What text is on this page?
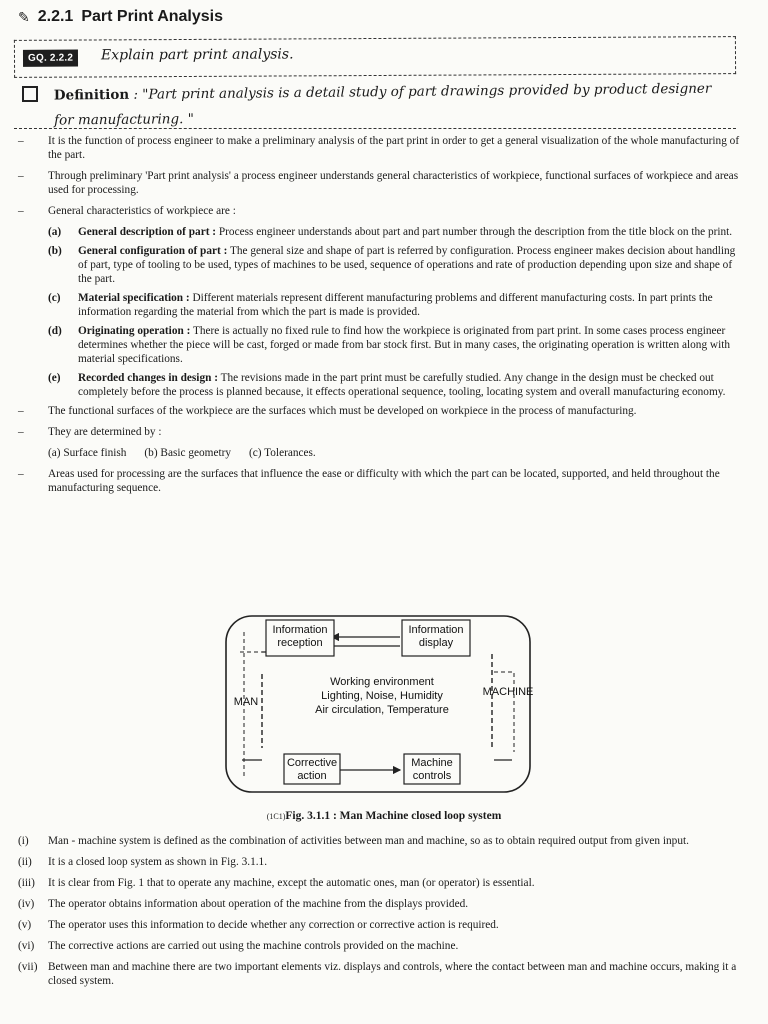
✎ 2.2.1 Part Print Analysis
GQ. 2.2.2	Explain part print analysis.
Definition : "Part print analysis is a detail study of part drawings provided by product designer for manufacturing. "
– It is the function of process engineer to make a preliminary analysis of the part print in order to get a general visualization of the whole manufacturing of the part.
– Through preliminary 'Part print analysis' a process engineer understands general characteristics of workpiece, functional surfaces of workpiece and areas used for processing.
– General characteristics of workpiece are :
(a) General description of part : Process engineer understands about part and part number through the description from the title block on the print.
(b) General configuration of part : The general size and shape of part is referred by configuration. Process engineer makes decision about handling of part, type of tooling to be used, types of machines to be used, sequence of operations and rate of production depending upon size and shape of the part.
(c) Material specification : Different materials represent different manufacturing problems and different manufacturing costs. In part prints the information regarding the material from which the part is made is provided.
(d) Originating operation : There is actually no fixed rule to find how the workpiece is originated from part print. In some cases process engineer determines whether the piece will be cast, forged or made from bar stock first. But in many cases, the originating operation is written along with material specifications.
(e) Recorded changes in design : The revisions made in the part print must be carefully studied. Any change in the design must be checked out completely before the process is planned because, it effects operational sequence, tooling, locating system and overall manufacturing economy.
– The functional surfaces of the workpiece are the surfaces which must be developed on workpiece in the process of manufacturing.
– They are determined by :
(a) Surface finish (b) Basic geometry (c) Tolerances.
– Areas used for processing are the surfaces that influence the ease or difficulty with which the part can be located, supported, and held throughout the manufacturing sequence.
Information reception
Information display
MAN
MACHINE
Working environment
Lighting, Noise, Humidity
Air circulation, Temperature
Corrective action
Machine controls
(1C1)Fig. 3.1.1 : Man Machine closed loop system
(i) Man - machine system is defined as the combination of activities between man and machine, so as to obtain required output from given input.
(ii) It is a closed loop system as shown in Fig. 3.1.1.
(iii) It is clear from Fig. 1 that to operate any machine, except the automatic ones, man (or operator) is essential.
(iv) The operator obtains information about operation of the machine from the displays provided.
(v) The operator uses this information to decide whether any correction or corrective action is required.
(vi) The corrective actions are carried out using the machine controls provided on the machine.
(vii) Between man and machine there are two important elements viz. displays and controls, where the contact between man and machine occurs, making it a closed system.
